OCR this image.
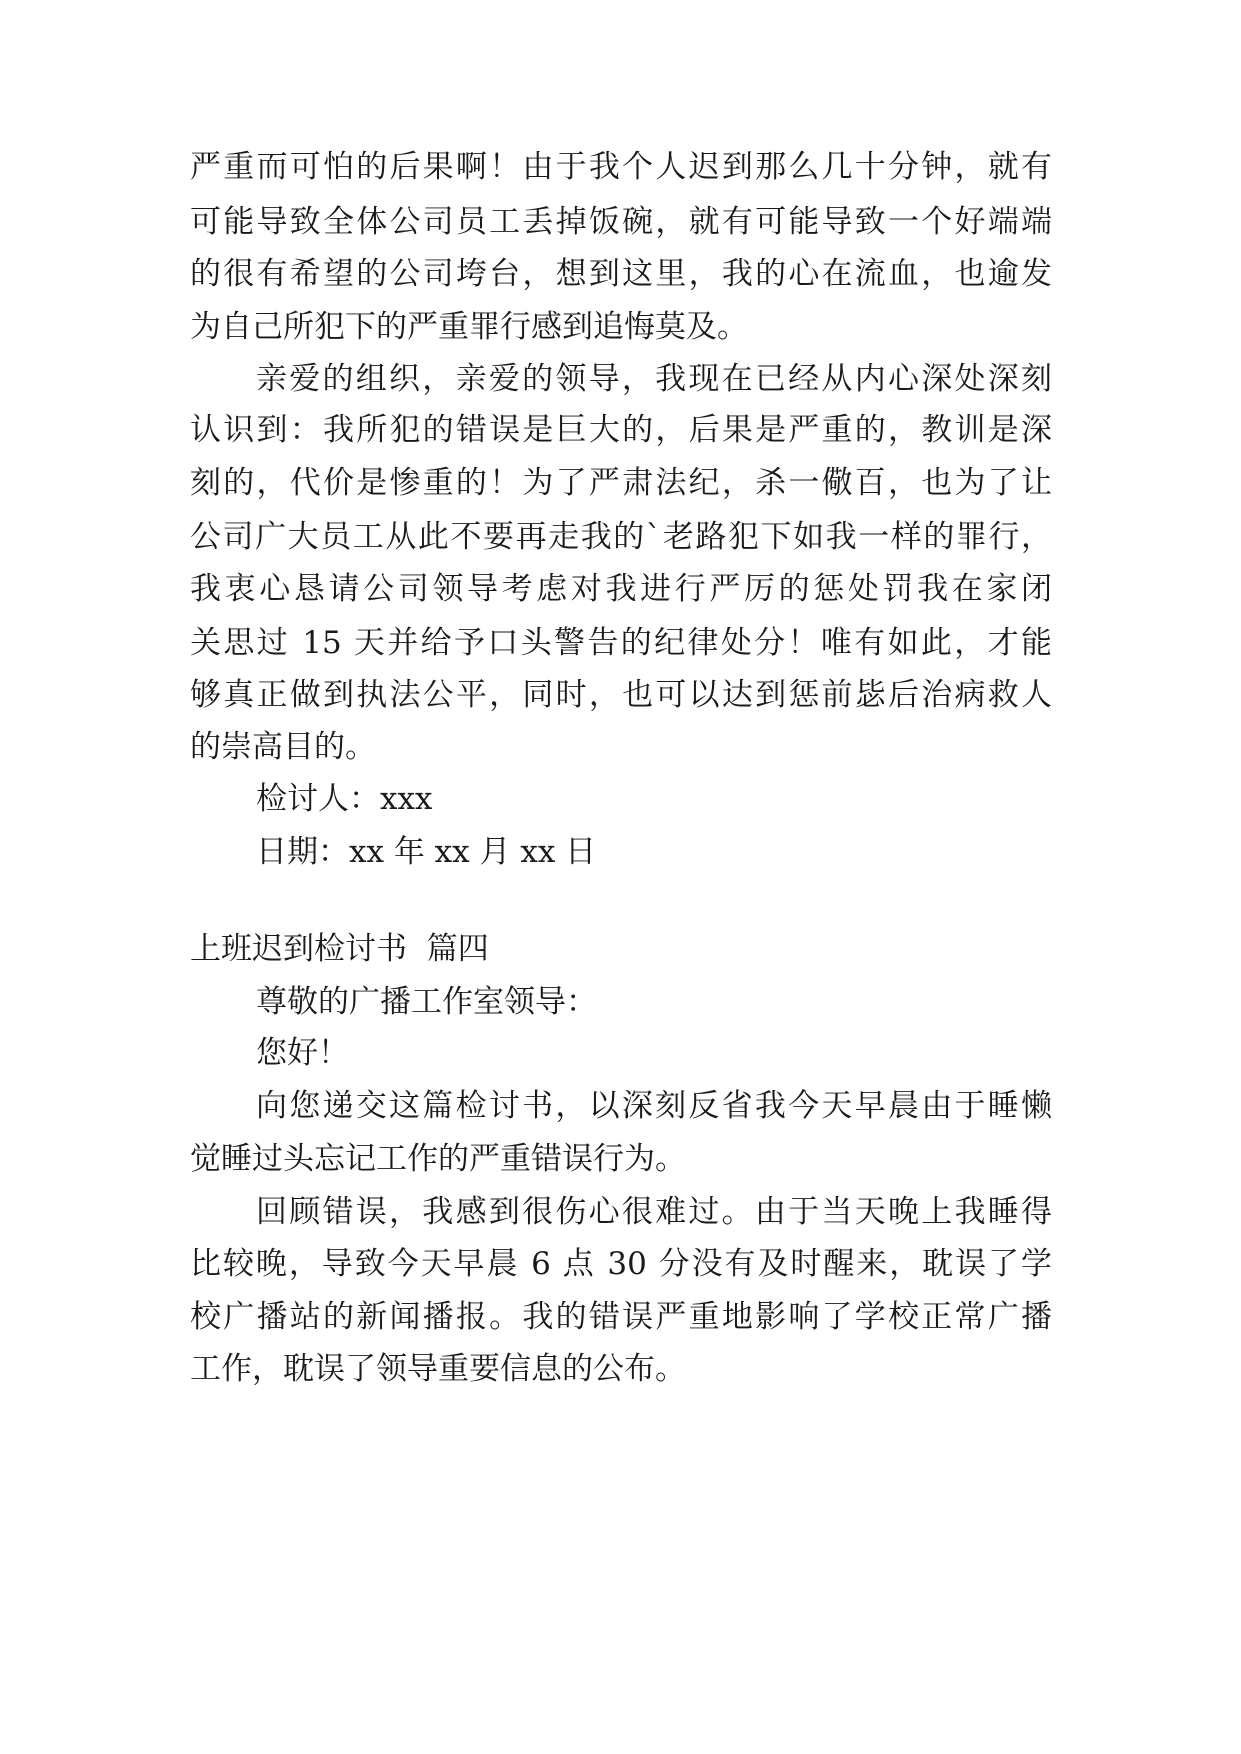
严重而可怕的后果啊！由于我个人迟到那么几十分钟，就有
可能导致全体公司员工丢掉饭碗，就有可能导致一个好端端
的很有希望的公司垮台，想到这里，我的心在流血，也逾发
为自己所犯下的严重罪行感到追悔莫及。
亲爱的组织，亲爱的领导，我现在已经从内心深处深刻
认识到：我所犯的错误是巨大的，后果是严重的，教训是深
刻的，代价是惨重的！为了严肃法纪，杀一儆百，也为了让
公司广大员工从此不要再走我的`老路犯下如我一样的罪行，
我衷心恳请公司领导考虑对我进行严厉的惩处罚我在家闭
关思过 15 天并给予口头警告的纪律处分！唯有如此，才能
够真正做到执法公平，同时，也可以达到惩前毖后治病救人
的崇高目的。
检讨人：xxx
日期：xx 年 xx 月 xx 日
上班迟到检讨书  篇四
尊敬的广播工作室领导：
您好！
向您递交这篇检讨书，以深刻反省我今天早晨由于睡懒
觉睡过头忘记工作的严重错误行为。
回顾错误，我感到很伤心很难过。由于当天晚上我睡得
比较晚，导致今天早晨 6 点 30 分没有及时醒来，耽误了学
校广播站的新闻播报。我的错误严重地影响了学校正常广播
工作，耽误了领导重要信息的公布。
